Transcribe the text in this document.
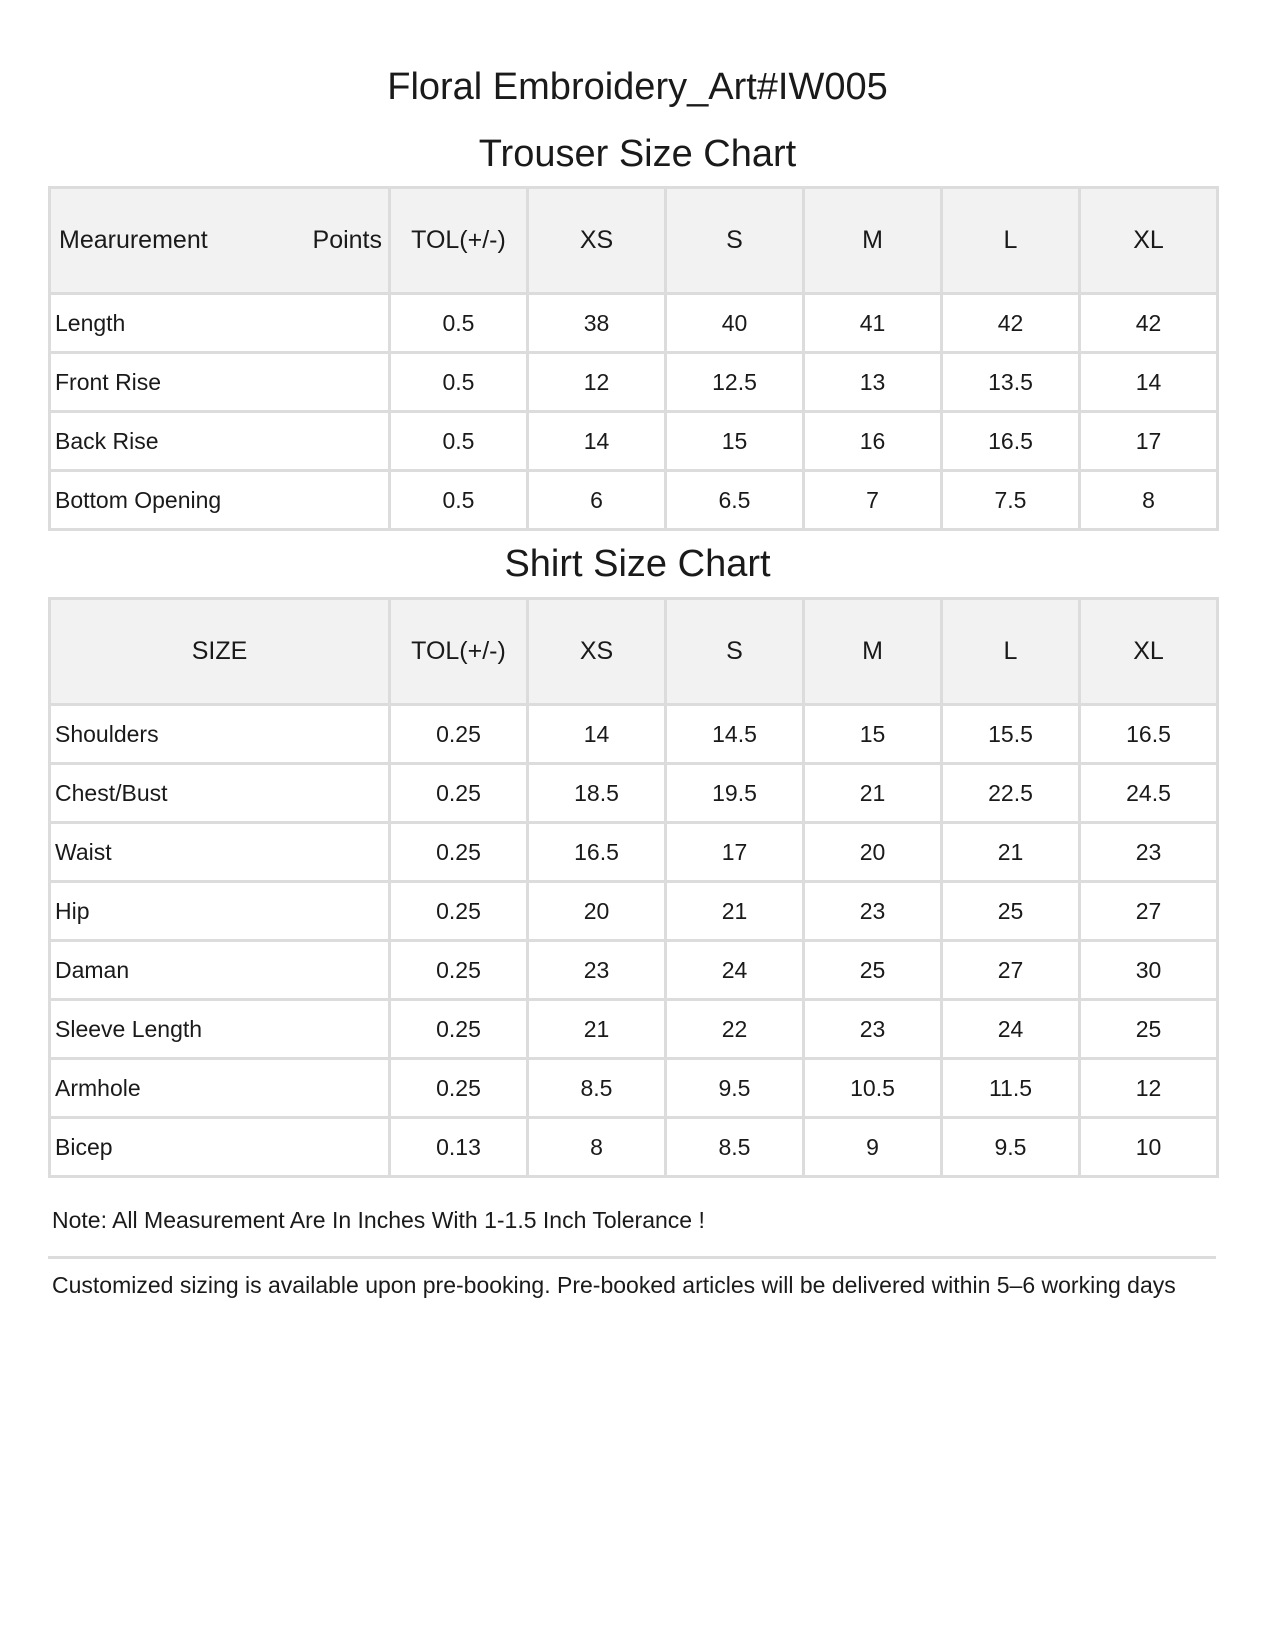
Floral Embroidery_Art#IW005
Trouser Size Chart
Mearurement Points	TOL(+/-)	XS	S	M	L	XL
Length	0.5	38	40	41	42	42
Front Rise	0.5	12	12.5	13	13.5	14
Back Rise	0.5	14	15	16	16.5	17
Bottom Opening	0.5	6	6.5	7	7.5	8
Shirt Size Chart
SIZE	TOL(+/-)	XS	S	M	L	XL
Shoulders	0.25	14	14.5	15	15.5	16.5
Chest/Bust	0.25	18.5	19.5	21	22.5	24.5
Waist	0.25	16.5	17	20	21	23
Hip	0.25	20	21	23	25	27
Daman	0.25	23	24	25	27	30
Sleeve Length	0.25	21	22	23	24	25
Armhole	0.25	8.5	9.5	10.5	11.5	12
Bicep	0.13	8	8.5	9	9.5	10

Note: All Measurement Are In Inches With 1-1.5 Inch Tolerance !

Customized sizing is available upon pre-booking. Pre-booked articles will be delivered within 5–6 working days
